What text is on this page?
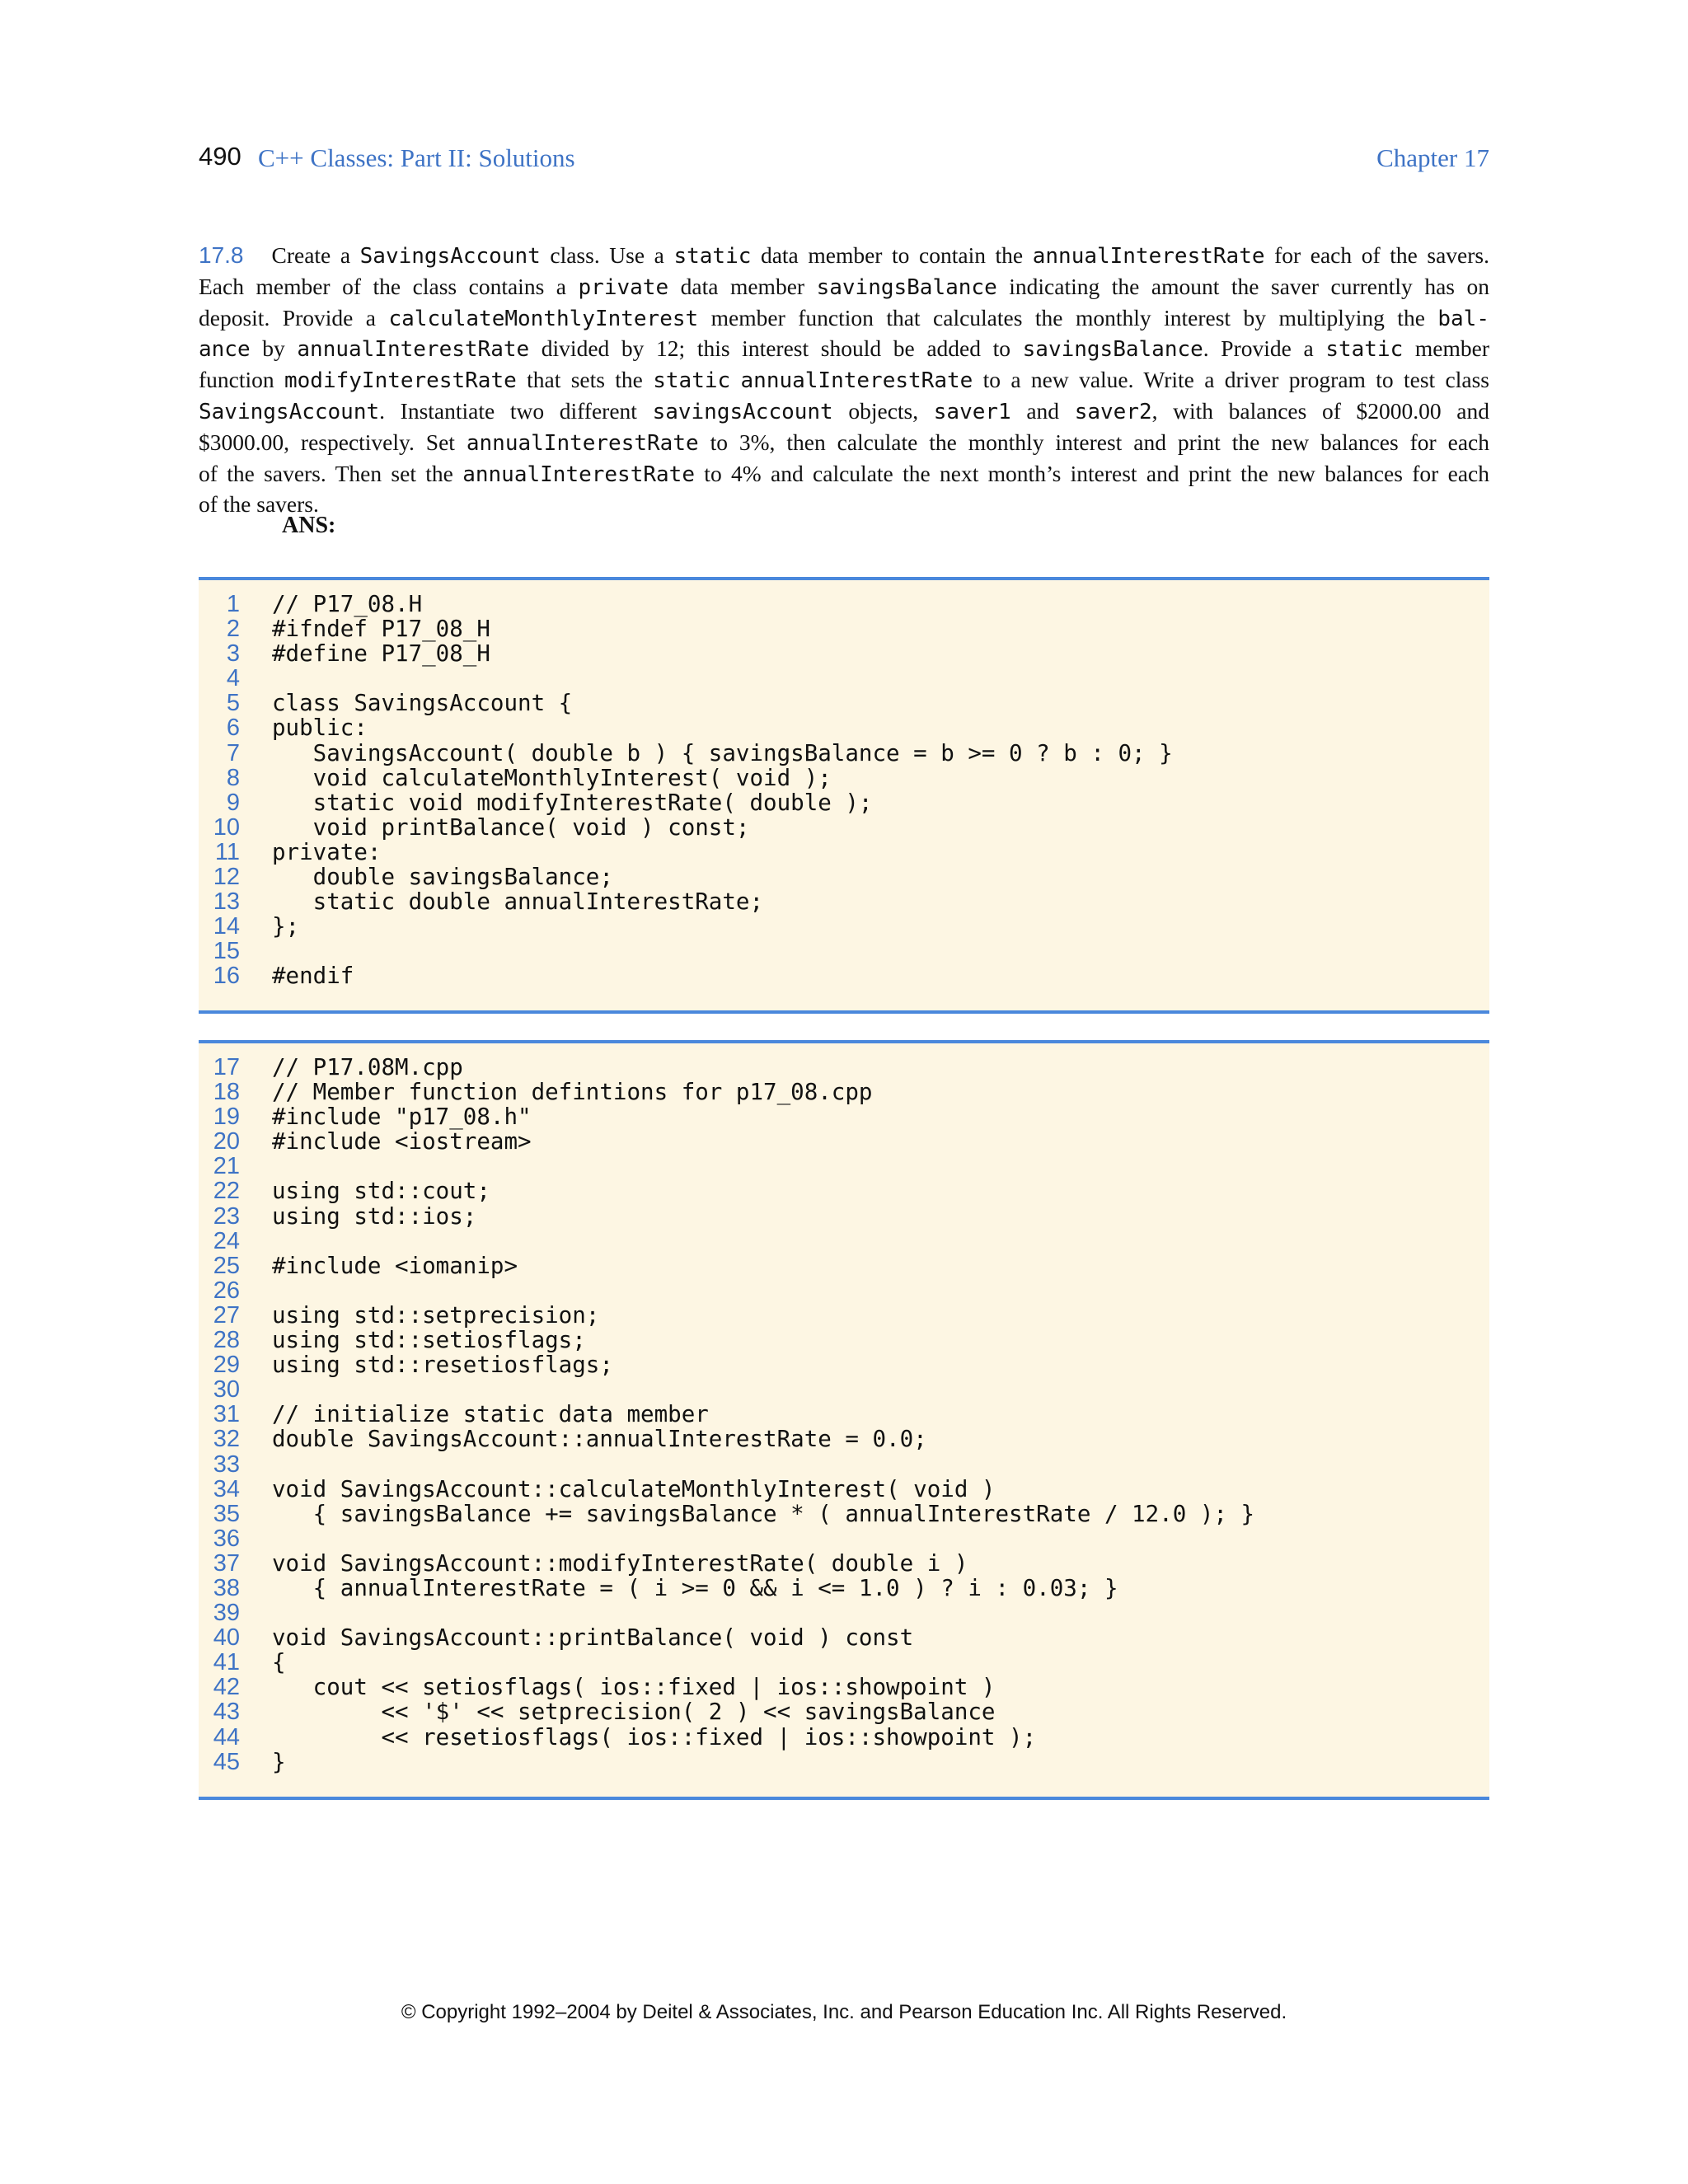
490 C++ Classes: Part II: Solutions	Chapter 17
17.8 Create a SavingsAccount class. Use a static data member to contain the annualInterestRate for each of the savers.
Each member of the class contains a private data member savingsBalance indicating the amount the saver currently has on
deposit. Provide a calculateMonthlyInterest member function that calculates the monthly interest by multiplying the bal-
ance by annualInterestRate divided by 12; this interest should be added to savingsBalance. Provide a static member
function modifyInterestRate that sets the static annualInterestRate to a new value. Write a driver program to test class
SavingsAccount. Instantiate two different savingsAccount objects, saver1 and saver2, with balances of $2000.00 and
$3000.00, respectively. Set annualInterestRate to 3%, then calculate the monthly interest and print the new balances for each
of the savers. Then set the annualInterestRate to 4% and calculate the next month’s interest and print the new balances for each
of the savers.
ANS:
1 // P17_08.H
2 #ifndef P17_08_H
3 #define P17_08_H
4
5 class SavingsAccount {
6 public:
7 SavingsAccount( double b ) { savingsBalance = b >= 0 ? b : 0; }
8 void calculateMonthlyInterest( void );
9 static void modifyInterestRate( double );
10 void printBalance( void ) const;
11 private:
12 double savingsBalance;
13 static double annualInterestRate;
14 };
15
16 #endif
17 // P17.08M.cpp
18 // Member function defintions for p17_08.cpp
19 #include "p17_08.h"
20 #include <iostream>
21
22 using std::cout;
23 using std::ios;
24
25 #include <iomanip>
26
27 using std::setprecision;
28 using std::setiosflags;
29 using std::resetiosflags;
30
31 // initialize static data member
32 double SavingsAccount::annualInterestRate = 0.0;
33
34 void SavingsAccount::calculateMonthlyInterest( void )
35 { savingsBalance += savingsBalance * ( annualInterestRate / 12.0 ); }
36
37 void SavingsAccount::modifyInterestRate( double i )
38 { annualInterestRate = ( i >= 0 && i <= 1.0 ) ? i : 0.03; }
39
40 void SavingsAccount::printBalance( void ) const
41 {
42 cout << setiosflags( ios::fixed | ios::showpoint )
43 << '$' << setprecision( 2 ) << savingsBalance
44 << resetiosflags( ios::fixed | ios::showpoint );
45 }
© Copyright 1992–2004 by Deitel & Associates, Inc. and Pearson Education Inc. All Rights Reserved.
